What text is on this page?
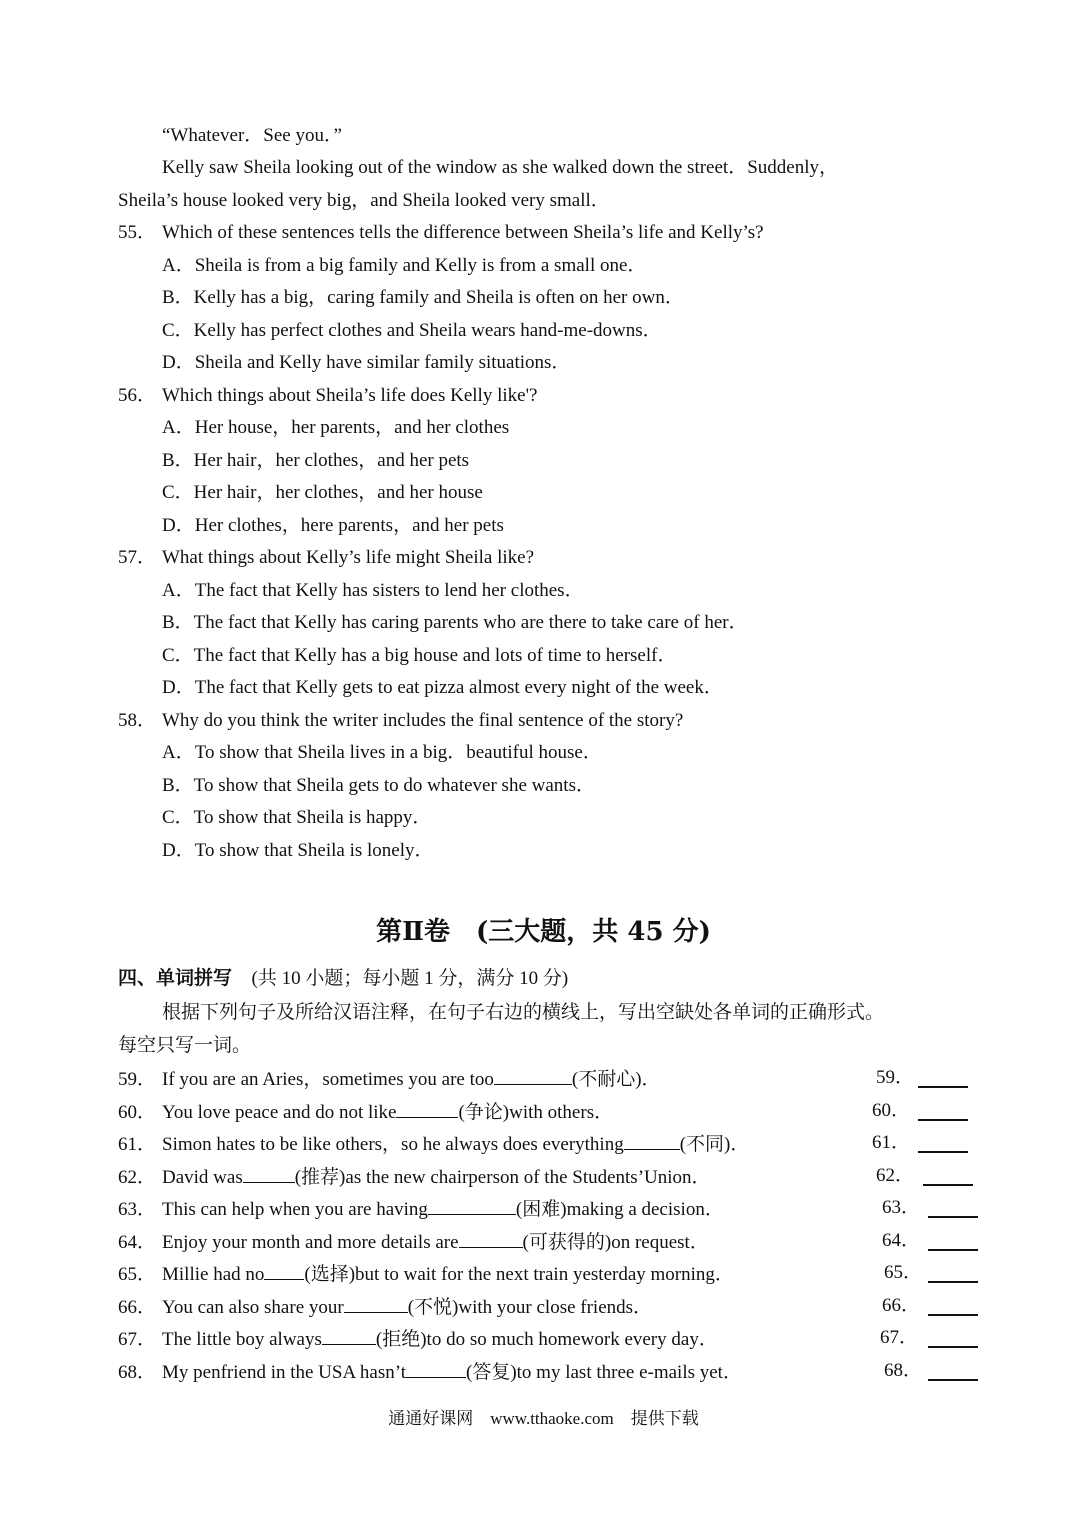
“Whatever．See you．”
Kelly saw Sheila looking out of the window as she walked down the street．Suddenly，
Sheila’s house looked very big，and Sheila looked very small．
55． Which of these sentences tells the difference between Sheila’s life and Kelly’s?
A．Sheila is from a big family and Kelly is from a small one．
B．Kelly has a big，caring family and Sheila is often on her own．
C．Kelly has perfect clothes and Sheila wears hand-me-downs．
D．Sheila and Kelly have similar family situations．
56． Which things about Sheila’s life does Kelly like'?
A．Her house，her parents，and her clothes
B．Her hair，her clothes，and her pets
C．Her hair，her clothes，and her house
D．Her clothes，here parents，and her pets
57． What things about Kelly’s life might Sheila like?
A．The fact that Kelly has sisters to lend her clothes．
B．The fact that Kelly has caring parents who are there to take care of her．
C．The fact that Kelly has a big house and lots of time to herself．
D．The fact that Kelly gets to eat pizza almost every night of the week．
58． Why do you think the writer includes the final sentence of the story?
A．To show that Sheila lives in a big．beautiful house．
B．To show that Sheila gets to do whatever she wants．
C．To show that Sheila is happy．
D．To show that Sheila is lonely．
第Ⅱ卷　(三大题，共 45 分)
四、单词拼写 (共 10 小题；每小题 1 分，满分 10 分)
根据下列句子及所给汉语注释，在句子右边的横线上，写出空缺处各单词的正确形式。
每空只写一词。
59． If you are an Aries，sometimes you are too	(不耐心)．	59．
60． You love peace and do not like	(争论)with others．	60．
61． Simon hates to be like others，so he always does everything	(不同)．	61．
62． David was	(推荐)as the new chairperson of the Students’Union．	62．
63． This can help when you are having	(困难)making a decision．	63．
64． Enjoy your month and more details are	(可获得的)on request．	64．
65． Millie had no (选择)but to wait for the next train yesterday morning．	65．
66． You can also share your	(不悦)with your close friends．	66．
67． The little boy always	(拒绝)to do so much homework every day．	67．
68． My penfriend in the USA hasn’t	(答复)to my last three e-mails yet．	68．
通通好课网　www.tthaoke.com　提供下载
